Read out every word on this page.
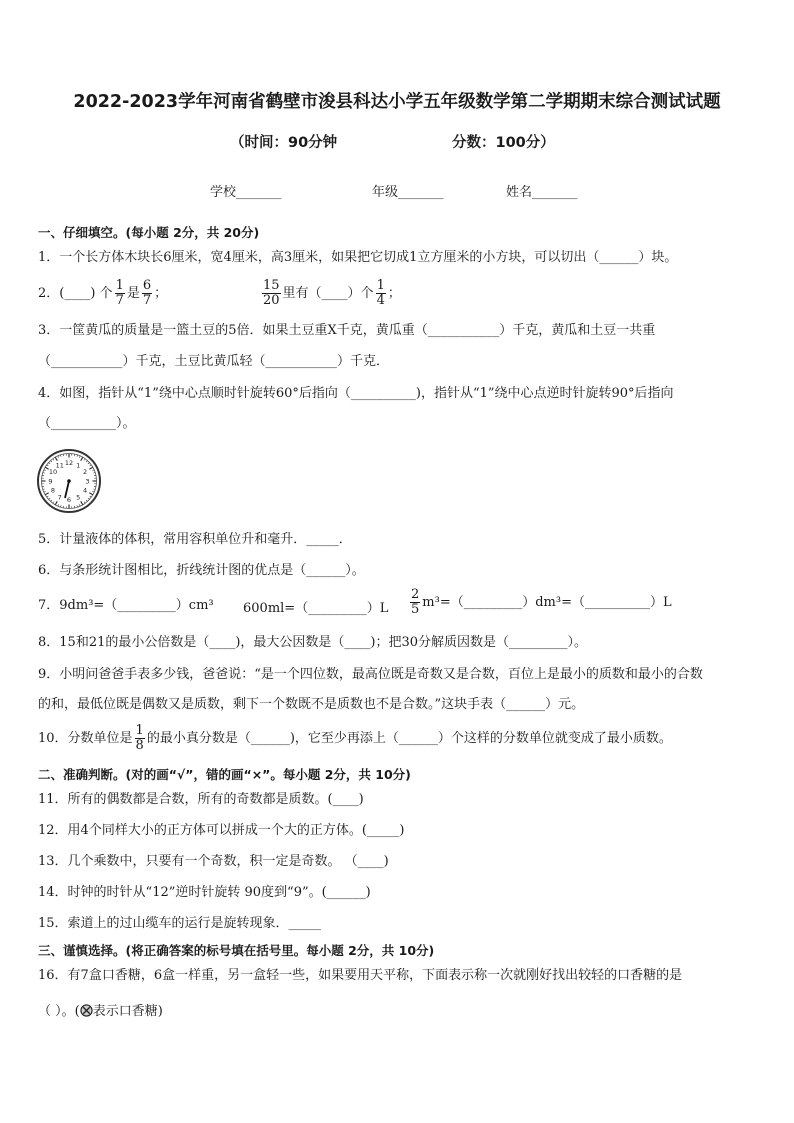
2022-2023学年河南省鹤壁市浚县科达小学五年级数学第二学期期末综合测试试题
（时间：90分钟	分数：100分）
学校_______	年级_______	姓名_______
一、仔细填空。(每小题 2分，共 20分)
1．一个长方体木块长6厘米，宽4厘米，高3厘米，如果把它切成1立方厘米的小方块，可以切出（______）块。
2．(____) 个 $\frac{1}{7}$ 是 $\frac{6}{7}$ ；	$\frac{15}{20}$ 里有（____）个 $\frac{1}{4}$ ；
3．一筐黄瓜的质量是一篮土豆的5倍．如果土豆重X千克，黄瓜重（___________）千克，黄瓜和土豆一共重
（___________）千克，土豆比黄瓜轻（___________）千克．
4．如图，指针从“1”绕中心点顺时针旋转60°后指向（__________)，指针从“1”绕中心点逆时针旋转90°后指向
（__________）。
12 1
2
3
4
5
6
7
8
9
10
11
5．计量液体的体积，常用容积单位升和毫升．_____．
6．与条形统计图相比，折线统计图的优点是（______）。
7．9dm³=（_________）cm³ 600ml=（_________）L $\frac{2}{5}$ m³=（_________）dm³=（__________）L
8．15和21的最小公倍数是（____)，最大公因数是（____)；把30分解质因数是（_________）。
9．小明问爸爸手表多少钱，爸爸说：“是一个四位数，最高位既是奇数又是合数，百位上是最小的质数和最小的合数
的和，最低位既是偶数又是质数，剩下一个数既不是质数也不是合数。”这块手表（______）元。
10．分数单位是 $\frac{1}{8}$ 的最小真分数是（______)，它至少再添上（______）个这样的分数单位就变成了最小质数。
二、准确判断。(对的画“√”，错的画“×”。每小题 2分，共 10分)
11．所有的偶数都是合数，所有的奇数都是质数。(____)
12．用4个同样大小的正方体可以拼成一个大的正方体。(_____)
13．几个乘数中，只要有一个奇数，积一定是奇数。 （____)
14．时钟的时针从“12”逆时针旋转 90度到“9”。(______)
15．索道上的过山缆车的运行是旋转现象．_____
三、谨慎选择。(将正确答案的标号填在括号里。每小题 2分，共 10分)
16．有7盒口香糖，6盒一样重，另一盒轻一些，如果要用天平称，下面表示称一次就刚好找出较轻的口香糖的是
（ ）。( 表示口香糖)
